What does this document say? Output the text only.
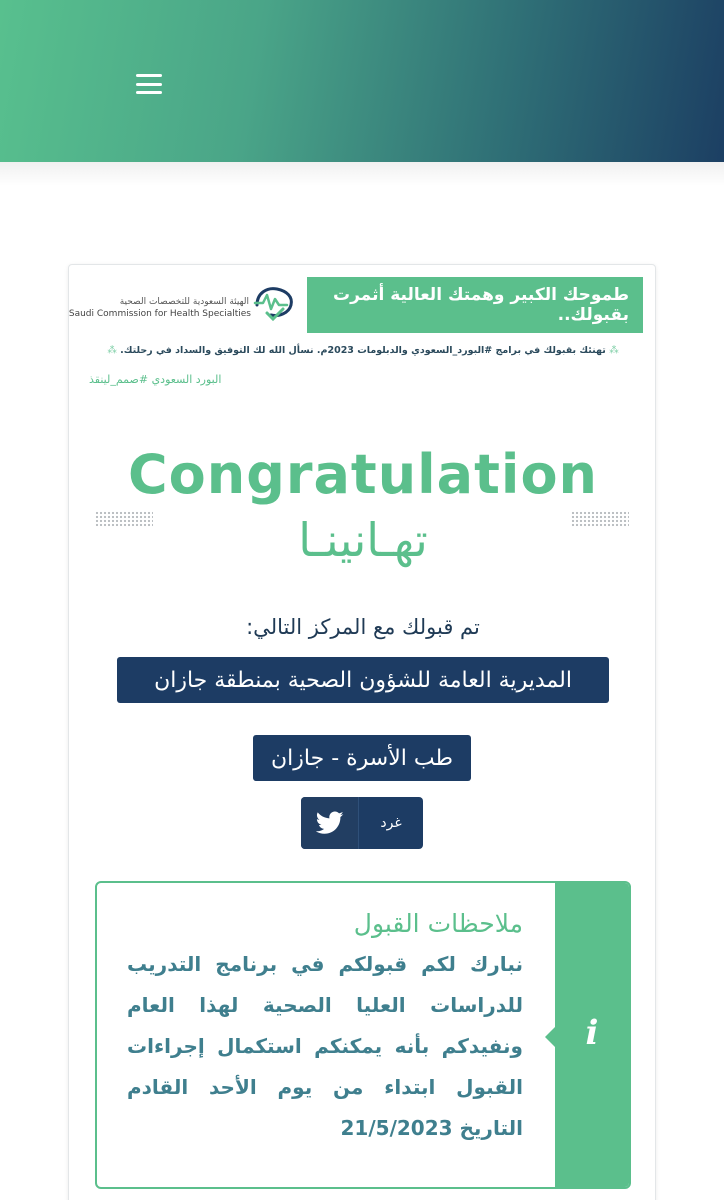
طموحك الكبير وهمتك العالية أثمرت بقبولك..
الهيئة السعودية للتخصصات الصحية
Saudi Commission for Health Specialties
⁂ تهنئك بقبولك في برامج #البورد_السعودي والدبلومات 2023م. نسأل الله لك التوفيق والسداد في رحلتك. ⁂
البورد السعودي #صمم_لينقذ
Congratulation
تهـانينـا
تم قبولك مع المركز التالي:
المديرية العامة للشؤون الصحية بمنطقة جازان
طب الأسرة - جازان
غرد
i
ملاحظات القبول
نبارك لكم قبولكم في برنامج التدريب للدراسات العليا الصحية لهذا العام ونفيدكم بأنه يمكنكم استكمال إجراءات القبول ابتداء من يوم الأحد القادم التاريخ 21/5/2023
